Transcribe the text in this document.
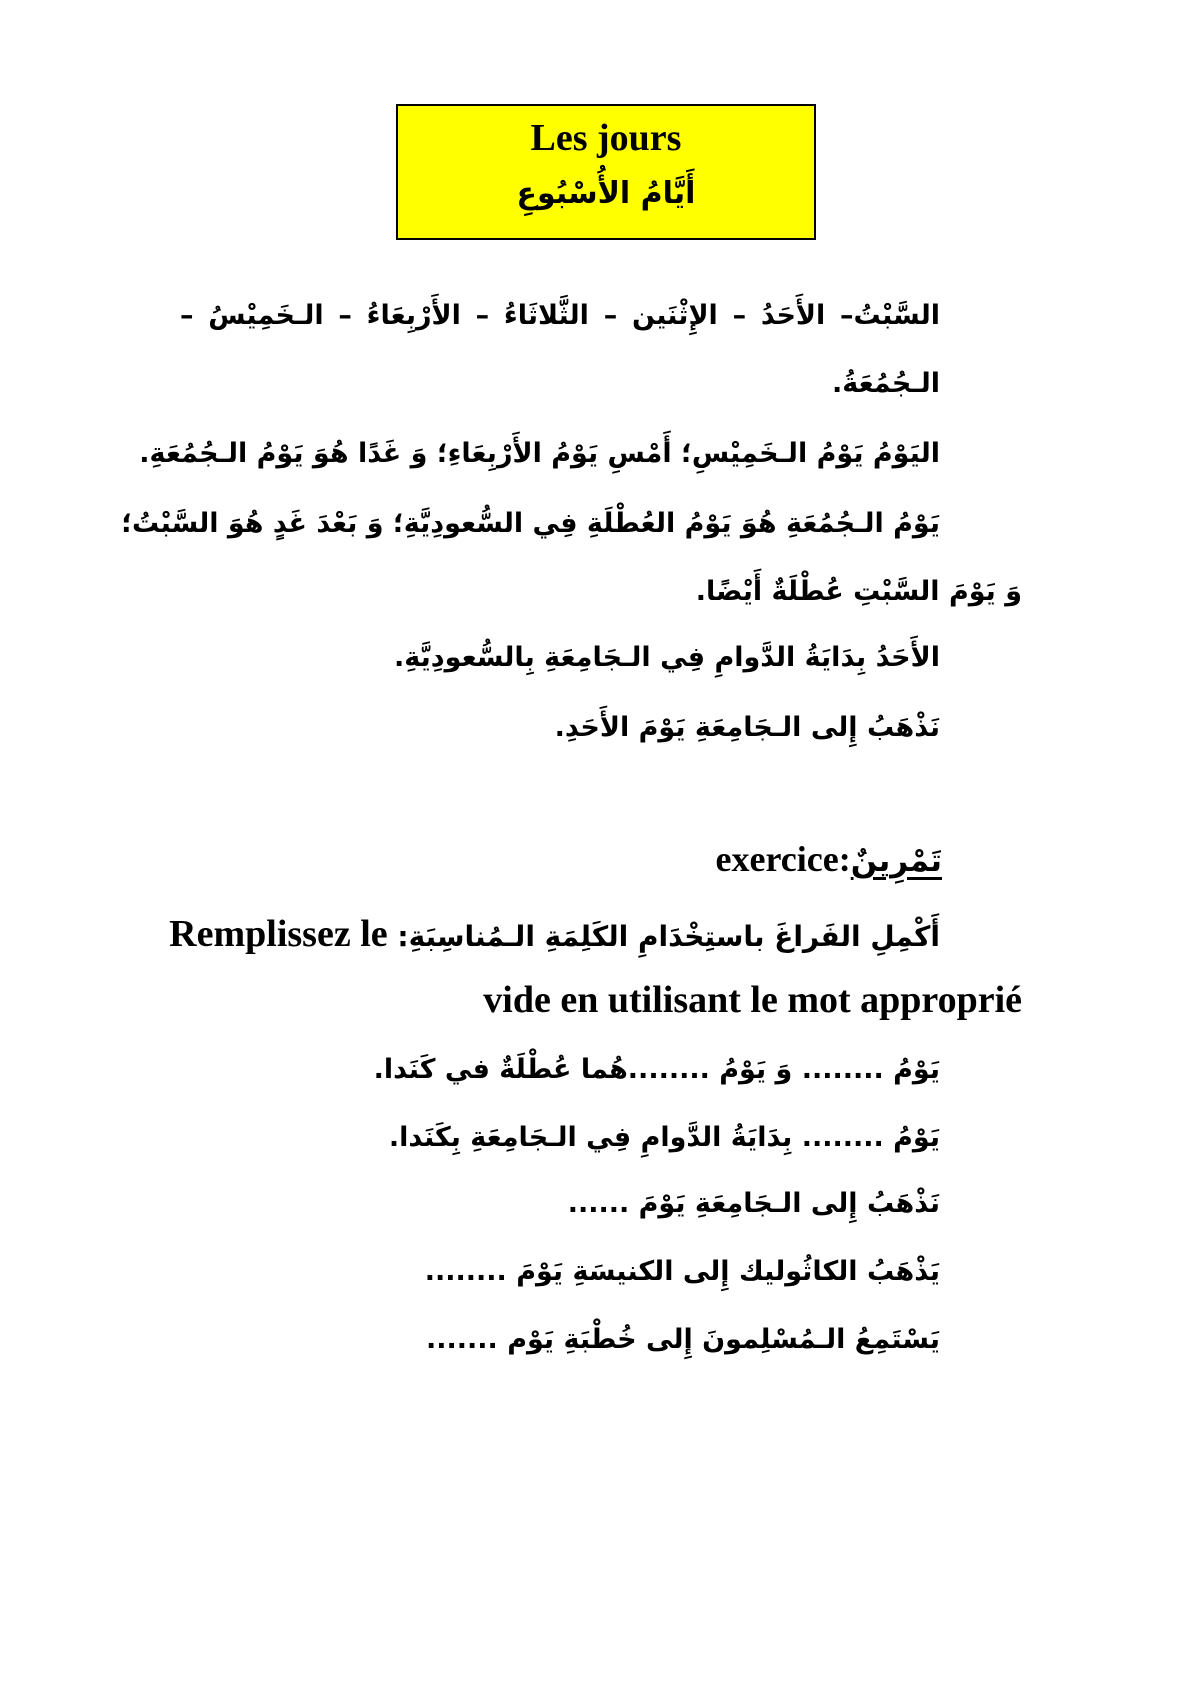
Les jours
أَيَّامُ الأُسْبُوعِ
السَّبْتُ– الأَحَدُ – الإِثْنَين – الثَّلاثَاءُ – الأَرْبِعَاءُ – الـخَمِيْسُ –
الـجُمُعَةُ.
اليَوْمُ يَوْمُ الـخَمِيْسِ؛ أَمْسِ يَوْمُ الأَرْبِعَاءِ؛ وَ غَدًا هُوَ يَوْمُ الـجُمُعَةِ.
يَوْمُ الـجُمُعَةِ هُوَ يَوْمُ العُطْلَةِ فِي السُّعودِيَّةِ؛ وَ بَعْدَ غَدٍ هُوَ السَّبْتُ؛
وَ يَوْمَ السَّبْتِ عُطْلَةٌ أَيْضًا.
الأَحَدُ بِدَايَةُ الدَّوامِ فِي الـجَامِعَةِ بِالسُّعودِيَّةِ.
نَذْهَبُ إِلى الـجَامِعَةِ يَوْمَ الأَحَدِ.
تَمْرِينٌ:exercice
أَكْمِلِ الفَراغَ باستِخْدَامِ الكَلِمَةِ الـمُناسِبَةِ: Remplissez le
vide en utilisant le mot approprié
يَوْمُ ........ وَ يَوْمُ ........هُما عُطْلَةٌ في كَنَدا.
يَوْمُ ........ بِدَايَةُ الدَّوامِ فِي الـجَامِعَةِ بِكَنَدا.
نَذْهَبُ إِلى الـجَامِعَةِ يَوْمَ ......
يَذْهَبُ الكاثُوليك إِلى الكنيسَةِ يَوْمَ ........
يَسْتَمِعُ الـمُسْلِمونَ إِلى خُطْبَةِ يَوْم .......
